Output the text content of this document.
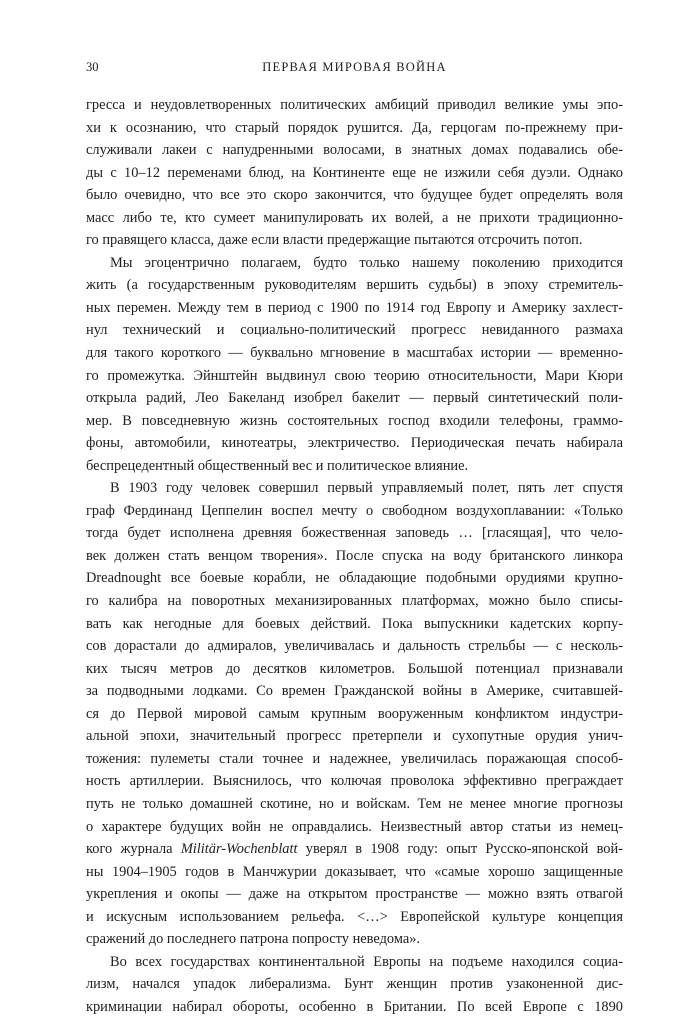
30	ПЕРВАЯ МИРОВАЯ ВОЙНА
гресса и неудовлетворенных политических амбиций приводил великие умы эпо-
хи к осознанию, что старый порядок рушится. Да, герцогам по-прежнему при-
служивали лакеи с напудренными волосами, в знатных домах подавались обе-
ды с 10–12 переменами блюд, на Континенте еще не изжили себя дуэли. Однако
было очевидно, что все это скоро закончится, что будущее будет определять воля
масс либо те, кто сумеет манипулировать их волей, а не прихоти традиционно-
го правящего класса, даже если власти предержащие пытаются отсрочить потоп.
Мы эгоцентрично полагаем, будто только нашему поколению приходится
жить (а государственным руководителям вершить судьбы) в эпоху стремитель-
ных перемен. Между тем в период с 1900 по 1914 год Европу и Америку захлест-
нул технический и социально-политический прогресс невиданного размаха
для такого короткого — буквально мгновение в масштабах истории — временно-
го промежутка. Эйнштейн выдвинул свою теорию относительности, Мари Кюри
открыла радий, Лео Бакеланд изобрел бакелит — первый синтетический поли-
мер. В повседневную жизнь состоятельных господ входили телефоны, граммо-
фоны, автомобили, кинотеатры, электричество. Периодическая печать набирала
беспрецедентный общественный вес и политическое влияние.
В 1903 году человек совершил первый управляемый полет, пять лет спустя
граф Фердинанд Цеппелин воспел мечту о свободном воздухоплавании: «Только
тогда будет исполнена древняя божественная заповедь … [гласящая], что чело-
век должен стать венцом творения». После спуска на воду британского линкора
Dreadnought все боевые корабли, не обладающие подобными орудиями крупно-
го калибра на поворотных механизированных платформах, можно было списы-
вать как негодные для боевых действий. Пока выпускники кадетских корпу-
сов дорастали до адмиралов, увеличивалась и дальность стрельбы — с несколь-
ких тысяч метров до десятков километров. Большой потенциал признавали
за подводными лодками. Со времен Гражданской войны в Америке, считавшей-
ся до Первой мировой самым крупным вооруженным конфликтом индустри-
альной эпохи, значительный прогресс претерпели и сухопутные орудия унич-
тожения: пулеметы стали точнее и надежнее, увеличилась поражающая способ-
ность артиллерии. Выяснилось, что колючая проволока эффективно преграждает
путь не только домашней скотине, но и войскам. Тем не менее многие прогнозы
о характере будущих войн не оправдались. Неизвестный автор статьи из немец-
кого журнала Militär-Wochenblatt уверял в 1908 году: опыт Русско-японской вой-
ны 1904–1905 годов в Манчжурии доказывает, что «самые хорошо защищенные
укрепления и окопы — даже на открытом пространстве — можно взять отвагой
и искусным использованием рельефа. <…> Европейской культуре концепция
сражений до последнего патрона попросту неведома».
Во всех государствах континентальной Европы на подъеме находился социа-
лизм, начался упадок либерализма. Бунт женщин против узаконенной дис-
криминации набирал обороты, особенно в Британии. По всей Европе с 1890
